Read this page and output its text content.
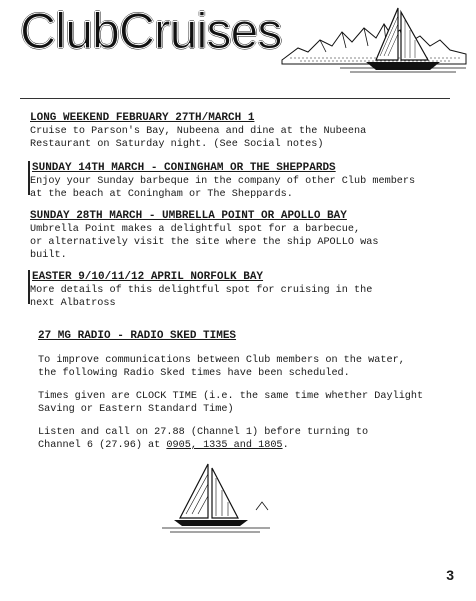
ClubCruises
LONG WEEKEND FEBRUARY 27TH/MARCH 1
Cruise to Parson's Bay, Nubeena and dine at the Nubeena
Restaurant on Saturday night. (See Social notes)
SUNDAY 14TH MARCH - CONINGHAM OR THE SHEPPARDS
Enjoy your Sunday barbeque in the company of other Club members
at the beach at Coningham or The Sheppards.
SUNDAY 28TH MARCH - UMBRELLA POINT OR APOLLO BAY
Umbrella Point makes a delightful spot for a barbecue,
or alternatively visit the site where the ship APOLLO was
built.
EASTER 9/10/11/12 APRIL NORFOLK BAY
More details of this delightful spot for cruising in the
next Albatross
27 MG RADIO - RADIO SKED TIMES
To improve communications between Club members on the water,
the following Radio Sked times have been scheduled.
Times given are CLOCK TIME (i.e. the same time whether Daylight
Saving or Eastern Standard Time)
Listen and call on 27.88 (Channel 1) before turning to
Channel 6 (27.96) at 0905, 1335 and 1805.
3
